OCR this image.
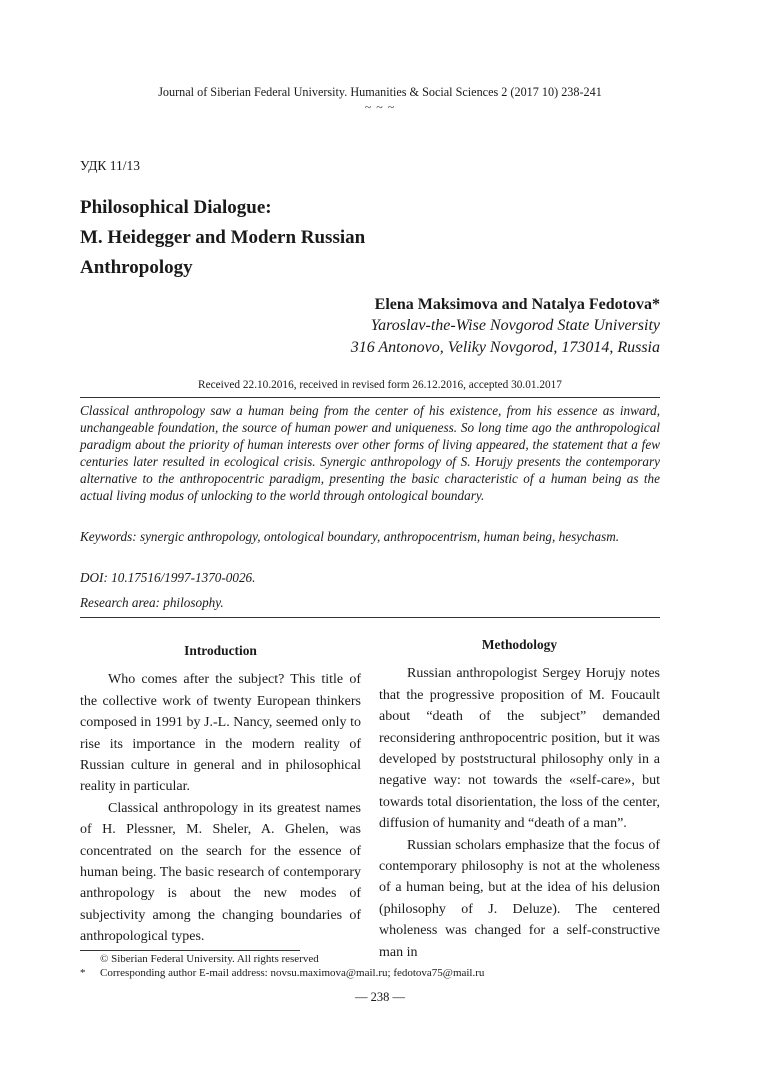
Journal of Siberian Federal University. Humanities & Social Sciences 2 (2017 10) 238-241
~ ~ ~
УДК 11/13
Philosophical Dialogue:
M. Heidegger and Modern Russian
Anthropology
Elena Maksimova and Natalya Fedotova*
Yaroslav-the-Wise Novgorod State University
316 Antonovo, Veliky Novgorod, 173014, Russia
Received 22.10.2016, received in revised form 26.12.2016, accepted 30.01.2017
Classical anthropology saw a human being from the center of his existence, from his essence as inward, unchangeable foundation, the source of human power and uniqueness. So long time ago the anthropological paradigm about the priority of human interests over other forms of living appeared, the statement that a few centuries later resulted in ecological crisis. Synergic anthropology of S. Horujy presents the contemporary alternative to the anthropocentric paradigm, presenting the basic characteristic of a human being as the actual living modus of unlocking to the world through ontological boundary.
Keywords: synergic anthropology, ontological boundary, anthropocentrism, human being, hesychasm.
DOI: 10.17516/1997-1370-0026.
Research area: philosophy.
Introduction

Who comes after the subject? This title of the collective work of twenty European thinkers composed in 1991 by J.-L. Nancy, seemed only to rise its importance in the modern reality of Russian culture in general and in philosophical reality in particular.

Classical anthropology in its greatest names of H. Plessner, M. Sheler, A. Ghelen, was concentrated on the search for the essence of human being. The basic research of contemporary anthropology is about the new modes of subjectivity among the changing boundaries of anthropological types.

Methodology

Russian anthropologist Sergey Horujy notes that the progressive proposition of M. Foucault about “death of the subject” demanded reconsidering anthropocentric position, but it was developed by poststructural philosophy only in a negative way: not towards the «self-care», but towards total disorientation, the loss of the center, diffusion of humanity and “death of a man”.

Russian scholars emphasize that the focus of contemporary philosophy is not at the wholeness of a human being, but at the idea of his delusion (philosophy of J. Deluze). The centered wholeness was changed for a self-constructive man in

© Siberian Federal University. All rights reserved
* Corresponding author E-mail address: novsu.maximova@mail.ru; fedotova75@mail.ru
— 238 —
